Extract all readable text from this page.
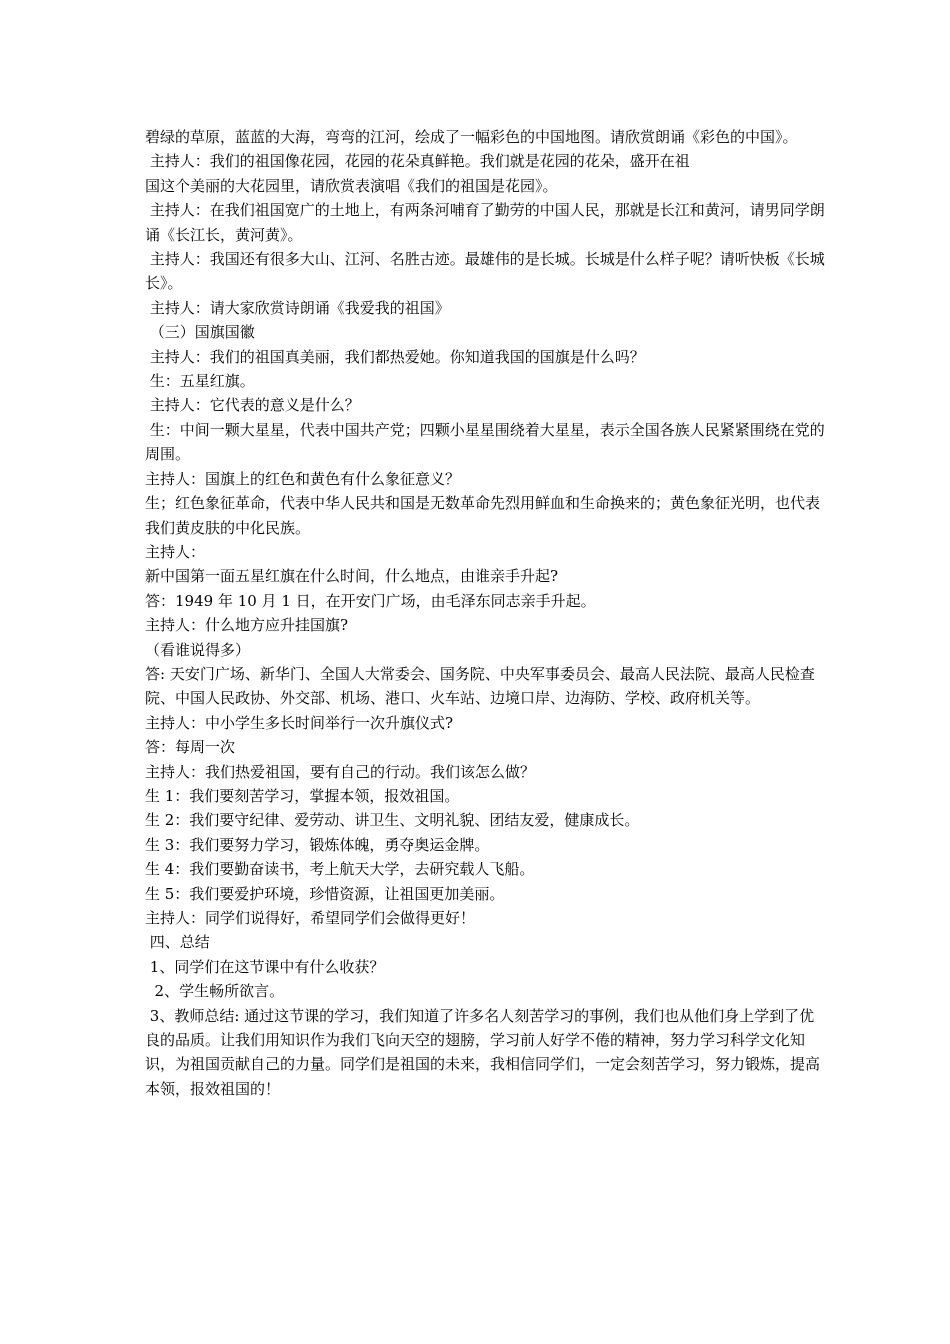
碧绿的草原，蓝蓝的大海，弯弯的江河，绘成了一幅彩色的中国地图。请欣赏朗诵《彩色的中国》。

主持人：我们的祖国像花园，花园的花朵真鲜艳。我们就是花园的花朵，盛开在祖
国这个美丽的大花园里，请欣赏表演唱《我们的祖国是花园》。

主持人：在我们祖国宽广的土地上，有两条河哺育了勤劳的中国人民，那就是长江和黄河，请男同学朗诵《长江长，黄河黄》。

主持人：我国还有很多大山、江河、名胜古迹。最雄伟的是长城。长城是什么样子呢？请听快板《长城长》。

主持人：请大家欣赏诗朗诵《我爱我的祖国》

（三）国旗国徽

主持人：我们的祖国真美丽，我们都热爱她。你知道我国的国旗是什么吗？

生：五星红旗。

主持人：它代表的意义是什么？

生：中间一颗大星星，代表中国共产党；四颗小星星围绕着大星星，表示全国各族人民紧紧围绕在党的周围。

主持人：国旗上的红色和黄色有什么象征意义？

生；红色象征革命，代表中华人民共和国是无数革命先烈用鲜血和生命换来的；黄色象征光明，也代表我们黄皮肤的中化民族。

主持人：

新中国第一面五星红旗在什么时间，什么地点，由谁亲手升起?

答：1949 年 10 月 1 日，在开安门广场，由毛泽东同志亲手升起。

主持人：什么地方应升挂国旗?

（看谁说得多）

答: 天安门广场、新华门、全国人大常委会、国务院、中央军事委员会、最高人民法院、最高人民检查院、中国人民政协、外交部、机场、港口、火车站、边境口岸、边海防、学校、政府机关等。

主持人：中小学生多长时间举行一次升旗仪式?

答：每周一次

主持人：我们热爱祖国，要有自己的行动。我们该怎么做？

生 1：我们要刻苦学习，掌握本领，报效祖国。

生 2：我们要守纪律、爱劳动、讲卫生、文明礼貌、团结友爱，健康成长。

生 3：我们要努力学习，锻炼体魄，勇夺奥运金牌。

生 4：我们要勤奋读书，考上航天大学，去研究载人飞船。

生 5：我们要爱护环境，珍惜资源，让祖国更加美丽。

主持人：同学们说得好，希望同学们会做得更好！

四、总结

1、同学们在这节课中有什么收获？

2、学生畅所欲言。

3、教师总结: 通过这节课的学习，我们知道了许多名人刻苦学习的事例，我们也从他们身上学到了优良的品质。让我们用知识作为我们飞向天空的翅膀，学习前人好学不倦的精神，努力学习科学文化知识，为祖国贡献自己的力量。同学们是祖国的未来，我相信同学们，一定会刻苦学习，努力锻炼，提高本领，报效祖国的！
